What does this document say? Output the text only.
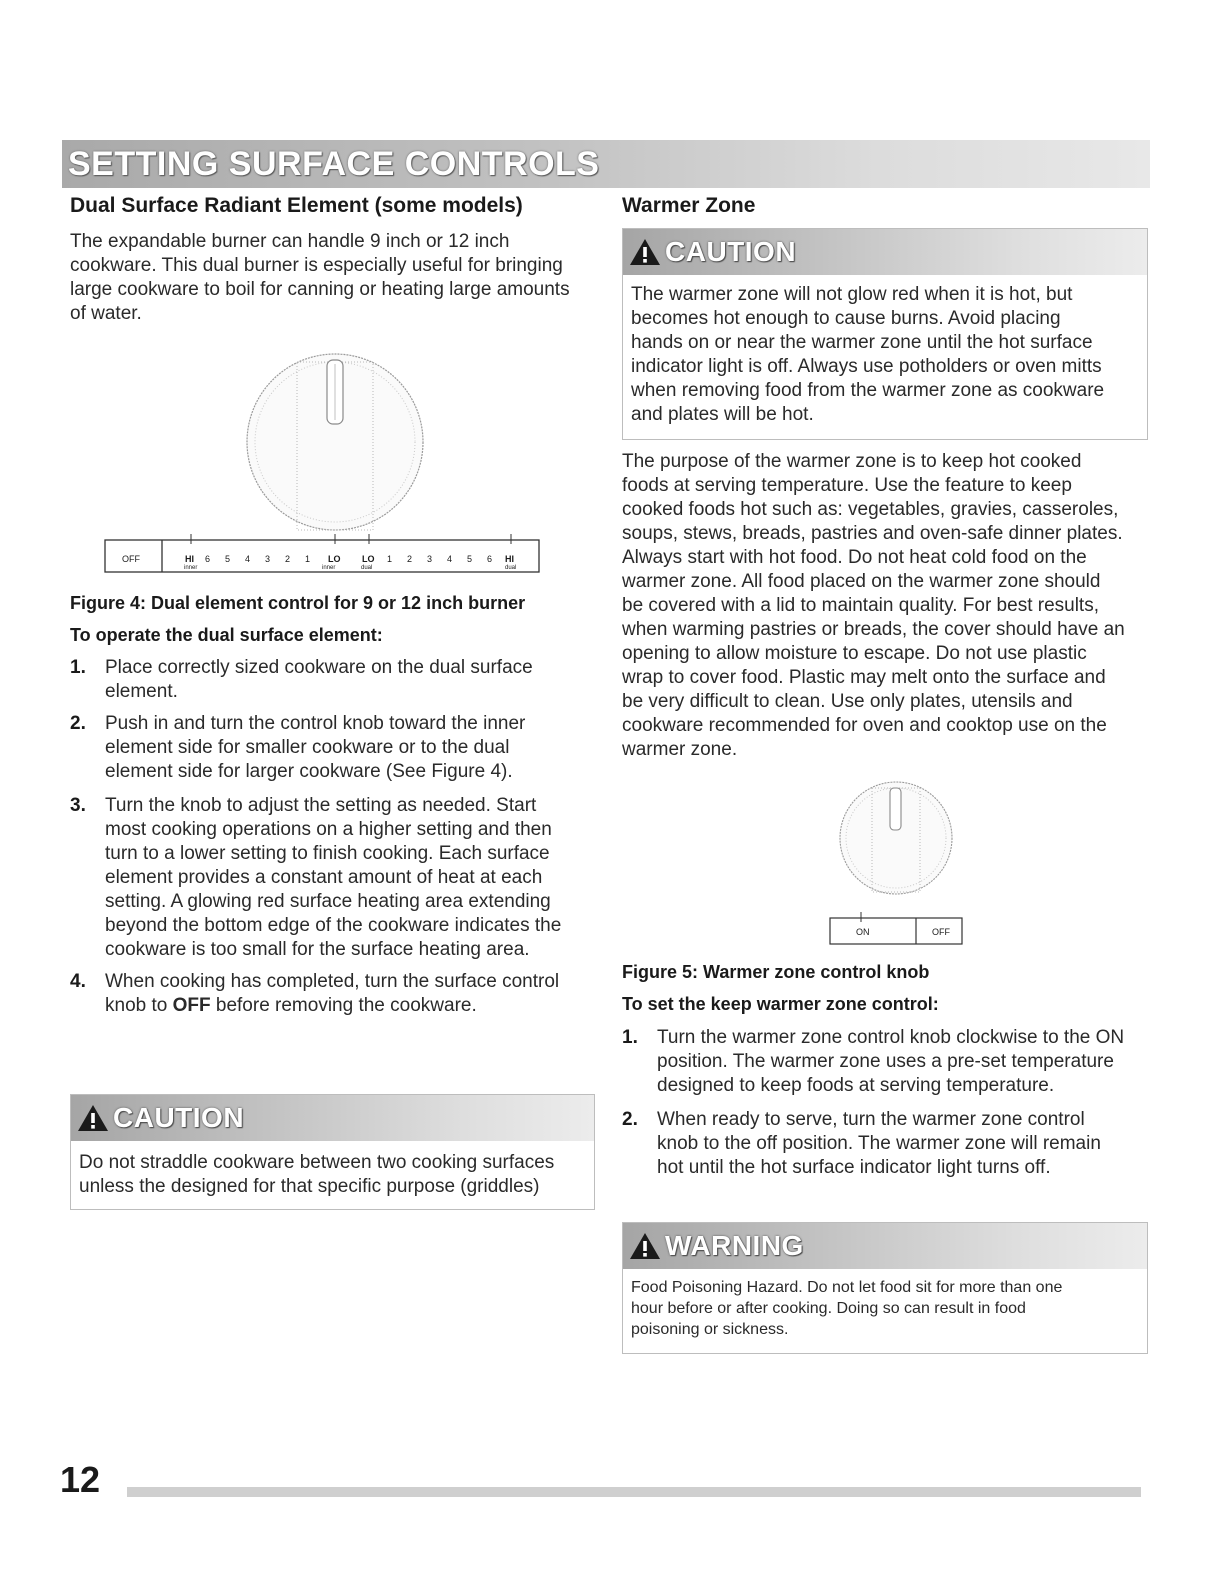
SETTING SURFACE CONTROLS
Dual Surface Radiant Element (some models)

The expandable burner can handle 9 inch or 12 inch

cookware. This dual burner is especially useful for bringing

large cookware to boil for canning or heating large amounts

of water.

OFF	HI 6 5 4 3 2 1 LO LO 1 2 3 4 5 6 HI
inner	inner	dual	dual
Figure 4: Dual element control for 9 or 12 inch burner
To operate the dual surface element:
1. Place correctly sized cookware on the dual surface
element.
2. Push in and turn the control knob toward the inner
element side for smaller cookware or to the dual
element side for larger cookware (See Figure 4).
3. Turn the knob to adjust the setting as needed. Start
most cooking operations on a higher setting and then
turn to a lower setting to finish cooking. Each surface
element provides a constant amount of heat at each
setting. A glowing red surface heating area extending
beyond the bottom edge of the cookware indicates the
cookware is too small for the surface heating area.
4. When cooking has completed, turn the surface control
knob to OFF before removing the cookware.
CAUTION
Do not straddle cookware between two cooking surfaces
unless the designed for that specific purpose (griddles)
Warmer Zone
CAUTION
The warmer zone will not glow red when it is hot, but
becomes hot enough to cause burns. Avoid placing
hands on or near the warmer zone until the hot surface
indicator light is off. Always use potholders or oven mitts
when removing food from the warmer zone as cookware
and plates will be hot.

The purpose of the warmer zone is to keep hot cooked

foods at serving temperature. Use the feature to keep

cooked foods hot such as: vegetables, gravies, casseroles,

soups, stews, breads, pastries and oven-safe dinner plates.

Always start with hot food. Do not heat cold food on the

warmer zone. All food placed on the warmer zone should

be covered with a lid to maintain quality. For best results,

when warming pastries or breads, the cover should have an

opening to allow moisture to escape. Do not use plastic

wrap to cover food. Plastic may melt onto the surface and

be very difficult to clean. Use only plates, utensils and

cookware recommended for oven and cooktop use on the

warmer zone.

ON	OFF
Figure 5: Warmer zone control knob
To set the keep warmer zone control:
1. Turn the warmer zone control knob clockwise to the ON
position. The warmer zone uses a pre-set temperature
designed to keep foods at serving temperature.
2. When ready to serve, turn the warmer zone control
knob to the off position. The warmer zone will remain
hot until the hot surface indicator light turns off.
WARNING
Food Poisoning Hazard. Do not let food sit for more than one
hour before or after cooking. Doing so can result in food
poisoning or sickness.
12
